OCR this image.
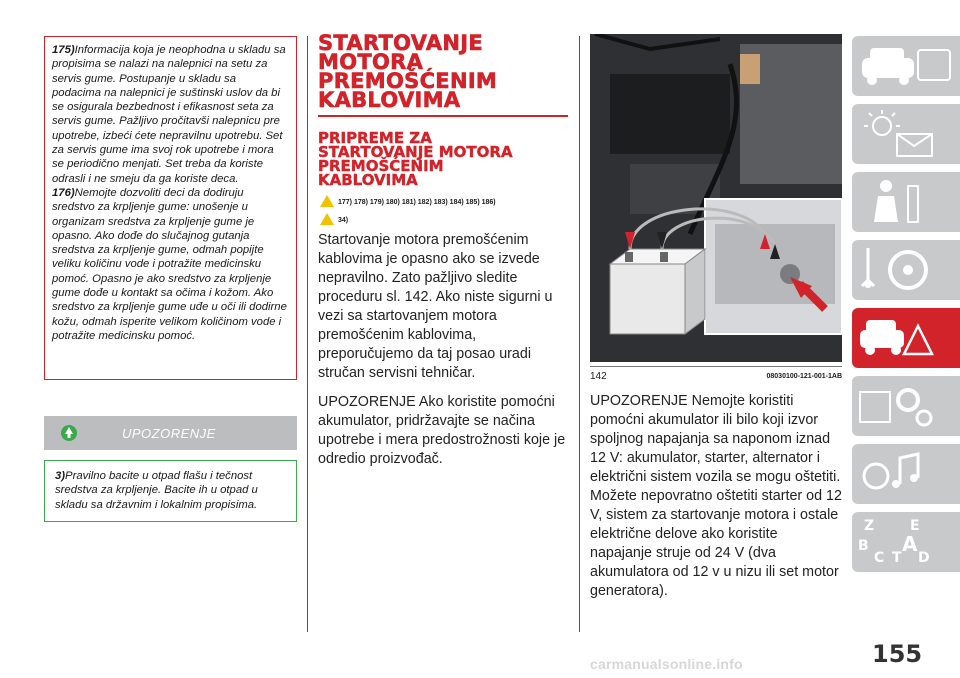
175)Informacija koja je neophodna u skladu sa propisima se nalazi na nalepnici na setu za servis gume. Postupanje u skladu sa podacima na nalepnici je suštinski uslov da bi se osigurala bezbednost i efikasnost seta za servis gume. Pažljivo pročitavši nalepnicu pre upotrebe, izbeći ćete nepravilnu upotrebu. Set za servis gume ima svoj rok upotrebe i mora se periodično menjati. Set treba da koriste odrasli i ne smeju da ga koriste deca.
176)Nemojte dozvoliti deci da dodiruju sredstvo za krpljenje gume: unošenje u organizam sredstva za krpljenje gume je opasno. Ako dođe do slučajnog gutanja sredstva za krpljenje gume, odmah popijte veliku količinu vode i potražite medicinsku pomoć. Opasno je ako sredstvo za krpljenje gume dođe u kontakt sa očima i kožom. Ako sredstvo za krpljenje gume uđe u oči ili dodirne kožu, odmah isperite velikom količinom vode i potražite medicinsku pomoć.
UPOZORENJE
3)Pravilno bacite u otpad flašu i tečnost sredstva za krpljenje. Bacite ih u otpad u skladu sa državnim i lokalnim propisima.
STARTOVANJE
MOTORA
PREMOŠĆENIM
KABLOVIMA
PRIPREME ZA
STARTOVANJE MOTORA
PREMOŠĆENIM
KABLOVIMA
177) 178) 179) 180) 181) 182) 183) 184) 185) 186)
34)
Startovanje motora premošćenim kablovima je opasno ako se izvede nepravilno. Zato pažljivo sledite proceduru sl. 142. Ako niste sigurni u vezi sa startovanjem motora premošćenim kablovima, preporučujemo da taj posao uradi stručan servisni tehničar.
UPOZORENJE Ako koristite pomoćni akumulator, pridržavajte se načina upotrebe i mera predostrožnosti koje je odredio proizvođač.
142	08030100-121-001-1AB
UPOZORENJE Nemojte koristiti pomoćni akumulator ili bilo koji izvor spoljnog napajanja sa naponom iznad 12 V: akumulator, starter, alternator i električni sistem vozila se mogu oštetiti. Možete nepovratno oštetiti starter od 12 V, sistem za startovanje motora i ostale električne delove ako koristite napajanje struje od 24 V (dva akumulatora od 12 v u nizu ili set motor generatora).
Z	E
B A
C T D
155
carmanualsonline.info
